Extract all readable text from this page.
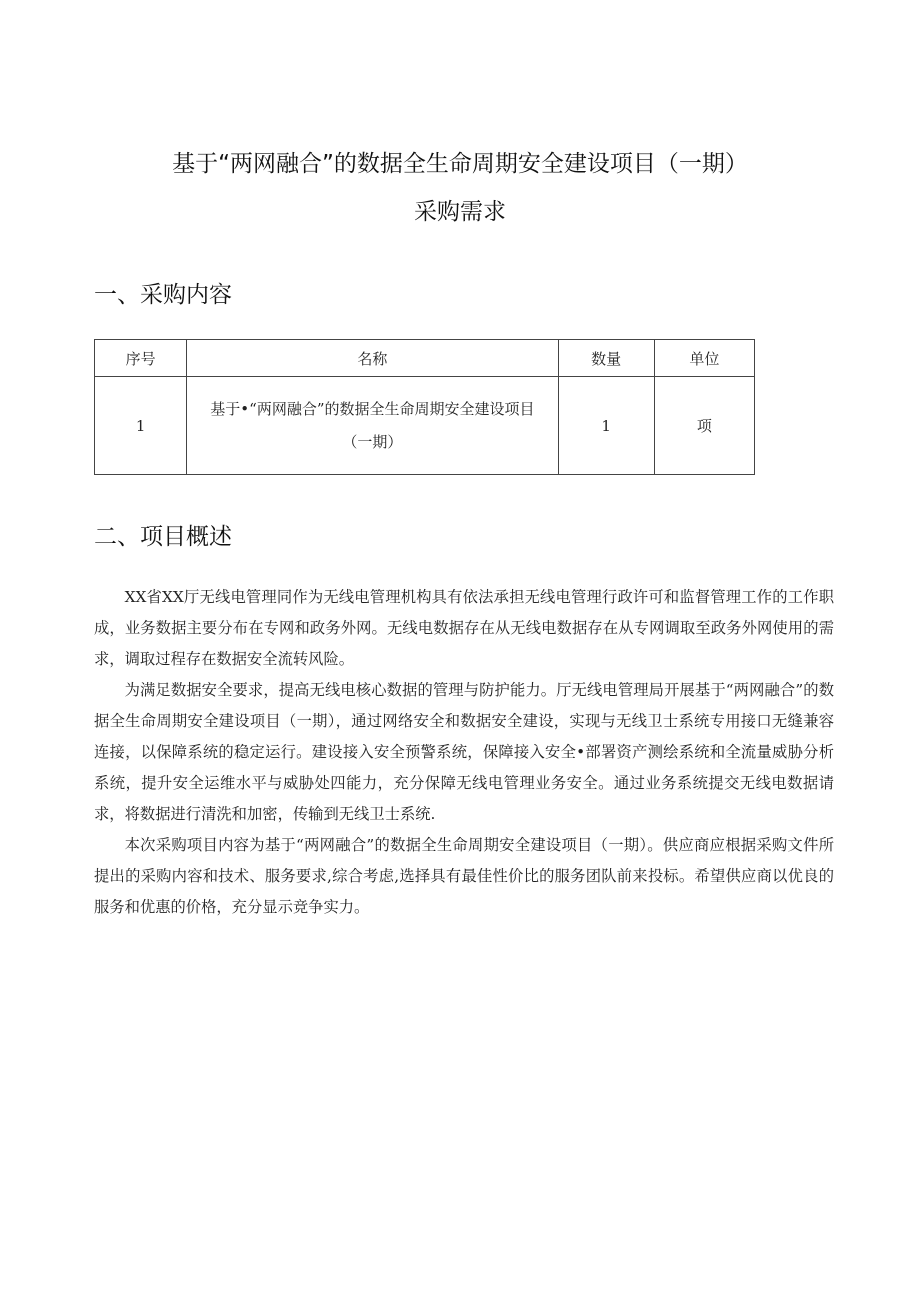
基于“两网融合”的数据全生命周期安全建设项目（一期）
采购需求
一、采购内容
序号	名称	数量	单位
1	基于•“两网融合”的数据全生命周期安全建设项目（一期）	1	项
二、项目概述

XX省XX厅无线电管理同作为无线电管理机构具有依法承担无线电管理行政许可和监督管理工作的工作职成，业务数据主要分布在专网和政务外网。无线电数据存在从无线电数据存在从专网调取至政务外网使用的需求，调取过程存在数据安全流转风险。

为满足数据安全要求，提高无线电核心数据的管理与防护能力。厅无线电管理局开展基于“两网融合”的数据全生命周期安全建设项目（一期），通过网络安全和数据安全建设，实现与无线卫士系统专用接口无缝兼容连接，以保障系统的稳定运行。建设接入安全预警系统，保障接入安全•部署资产测绘系统和全流量威胁分析系统，提升安全运维水平与威胁处四能力，充分保障无线电管理业务安全。通过业务系统提交无线电数据请求，将数据进行清洗和加密，传输到无线卫士系统.

本次采购项目内容为基于“两网融合”的数据全生命周期安全建设项目（一期）。供应商应根据采购文件所提出的采购内容和技术、服务要求,综合考虑,选择具有最佳性价比的服务团队前来投标。希望供应商以优良的服务和优惠的价格，充分显示竞争实力。
